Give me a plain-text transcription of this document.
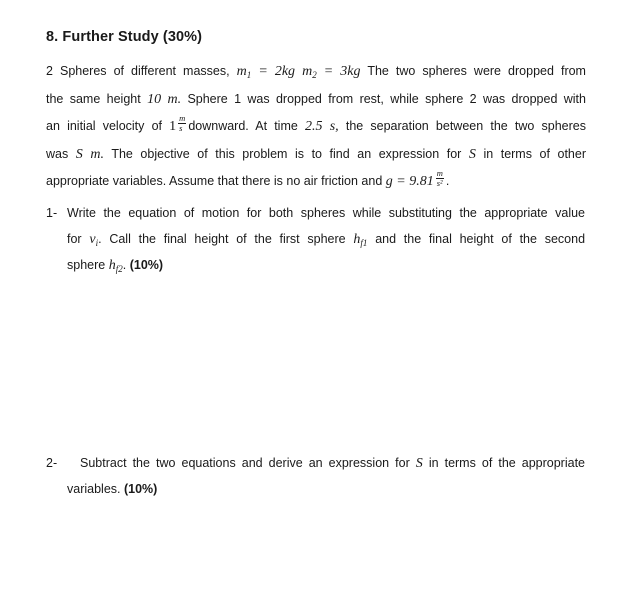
8. Further Study (30%)
2 Spheres of different masses, $m_1 = 2kg$ $m_2 = 3kg$ The two spheres were dropped from
the same height 10 m. Sphere 1 was dropped from rest, while sphere 2 was dropped with
an initial velocity of $1 \frac{m}{s}$ downward. At time 2.5 s, the separation between the two spheres
was S m. The objective of this problem is to find an expression for S in terms of other
appropriate variables. Assume that there is no air friction and $g = 9.81 \frac{m}{\text{s²}}$ .
1- Write the equation of motion for both spheres while substituting the appropriate value
for $v_i$. Call the final height of the first sphere $h_{f1}$ and the final height of the second
sphere $h_{f2}$. (10%)
2-	Subtract the two equations and derive an expression for S in terms of the appropriate
variables. (10%)
